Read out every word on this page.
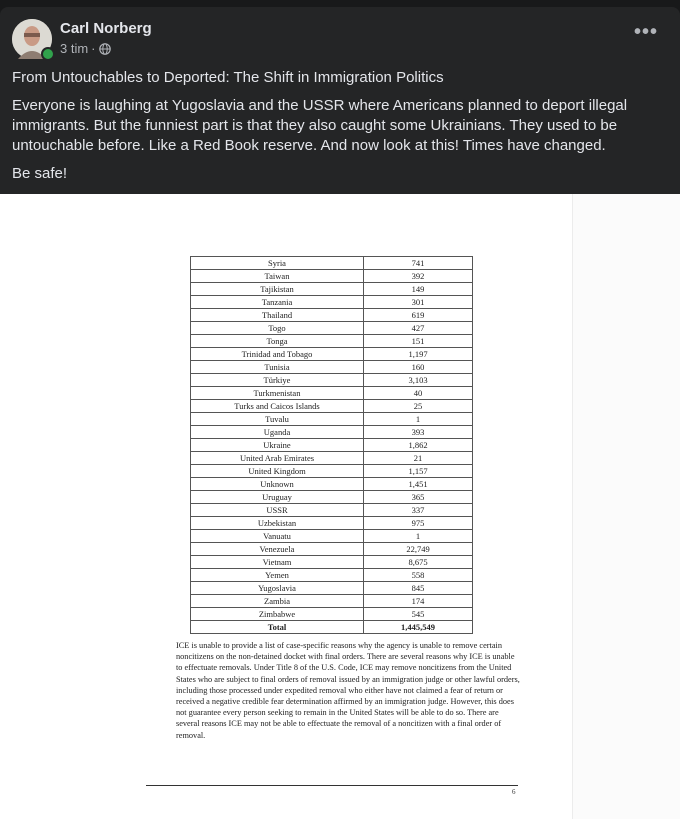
Carl Norberg
3 tim ·
•••
From Untouchables to Deported: The Shift in Immigration Politics
Everyone is laughing at Yugoslavia and the USSR where Americans planned to deport illegal immigrants. But the funniest part is that they also caught some Ukrainians. They used to be untouchable before. Like a Red Book reserve. And now look at this! Times have changed.
Be safe!
Syria	741
Taiwan	392
Tajikistan	149
Tanzania	301
Thailand	619
Togo	427
Tonga	151
Trinidad and Tobago	1,197
Tunisia	160
Türkiye	3,103
Turkmenistan	40
Turks and Caicos Islands	25
Tuvalu	1
Uganda	393
Ukraine	1,862
United Arab Emirates	21
United Kingdom	1,157
Unknown	1,451
Uruguay	365
USSR	337
Uzbekistan	975
Vanuatu	1
Venezuela	22,749
Vietnam	8,675
Yemen	558
Yugoslavia	845
Zambia	174
Zimbabwe	545
Total	1,445,549
ICE is unable to provide a list of case-specific reasons why the agency is unable to remove certain noncitizens on the non-detained docket with final orders. There are several reasons why ICE is unable to effectuate removals. Under Title 8 of the U.S. Code, ICE may remove noncitizens from the United States who are subject to final orders of removal issued by an immigration judge or other lawful orders, including those processed under expedited removal who either have not claimed a fear of return or received a negative credible fear determination affirmed by an immigration judge. However, this does not guarantee every person seeking to remain in the United States will be able to do so. There are several reasons ICE may not be able to effectuate the removal of a noncitizen with a final order of removal.
6
